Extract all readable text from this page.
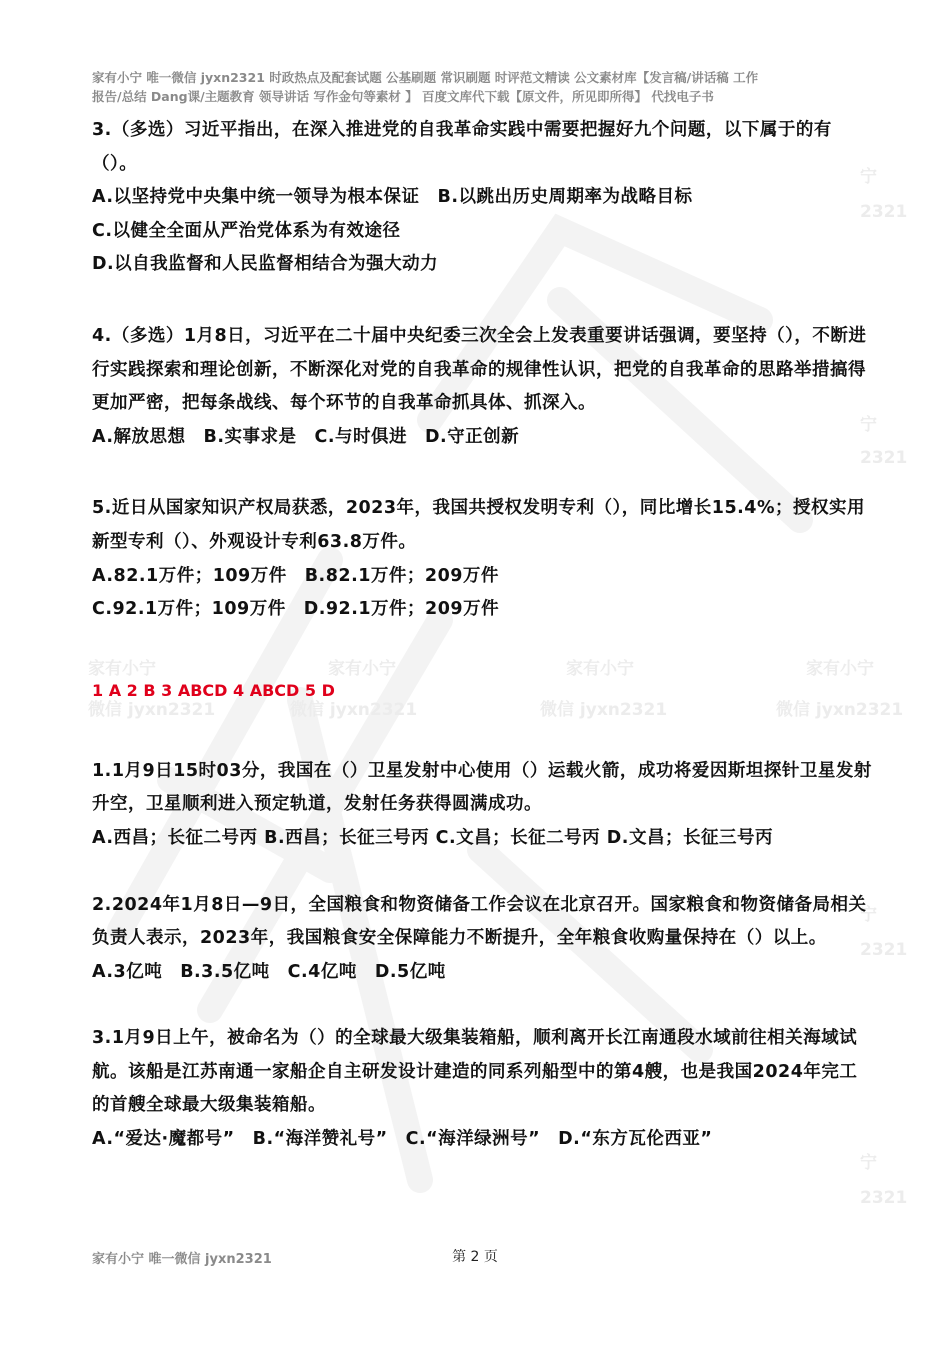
宁
2321
宁
2321
家有小宁	家有小宁	家有小宁	家有小宁
微信 jyxn2321	微信 jyxn2321	微信 jyxn2321	微信 jyxn2321
宁
2321
宁
2321
家有小宁 唯一微信 jyxn2321 时政热点及配套试题 公基刷题 常识刷题 时评范文精读 公文素材库【发言稿/讲话稿 工作
报告/总结 Dang课/主题教育 领导讲话 写作金句等素材 】 百度文库代下载【原文件，所见即所得】 代找电子书

3.（多选）习近平指出，在深入推进党的自我革命实践中需要把握好九个问题，以下属于的有（）。

A.以坚持党中央集中统一领导为根本保证　B.以跳出历史周期率为战略目标

C.以健全全面从严治党体系为有效途径

D.以自我监督和人民监督相结合为强大动力

4.（多选）1月8日，习近平在二十届中央纪委三次全会上发表重要讲话强调，要坚持（），不断进行实践探索和理论创新，不断深化对党的自我革命的规律性认识，把党的自我革命的思路举措搞得更加严密，把每条战线、每个环节的自我革命抓具体、抓深入。

A.解放思想　B.实事求是　C.与时俱进　D.守正创新

5.近日从国家知识产权局获悉，2023年，我国共授权发明专利（），同比增长15.4%；授权实用新型专利（）、外观设计专利63.8万件。

A.82.1万件；109万件　B.82.1万件；209万件

C.92.1万件；109万件　D.92.1万件；209万件

1 A 2 B 3 ABCD 4 ABCD 5 D

1.1月9日15时03分，我国在（）卫星发射中心使用（）运载火箭，成功将爱因斯坦探针卫星发射升空，卫星顺利进入预定轨道，发射任务获得圆满成功。

A.西昌；长征二号丙 B.西昌；长征三号丙 C.文昌；长征二号丙 D.文昌；长征三号丙

2.2024年1月8日—9日，全国粮食和物资储备工作会议在北京召开。国家粮食和物资储备局相关负责人表示，2023年，我国粮食安全保障能力不断提升，全年粮食收购量保持在（）以上。

A.3亿吨　B.3.5亿吨　C.4亿吨　D.5亿吨

3.1月9日上午，被命名为（）的全球最大级集装箱船，顺利离开长江南通段水域前往相关海域试航。该船是江苏南通一家船企自主研发设计建造的同系列船型中的第4艘，也是我国2024年完工的首艘全球最大级集装箱船。

A.“爱达·魔都号”　B.“海洋赞礼号”　C.“海洋绿洲号”　D.“东方瓦伦西亚”

家有小宁 唯一微信 jyxn2321	第 2 页
